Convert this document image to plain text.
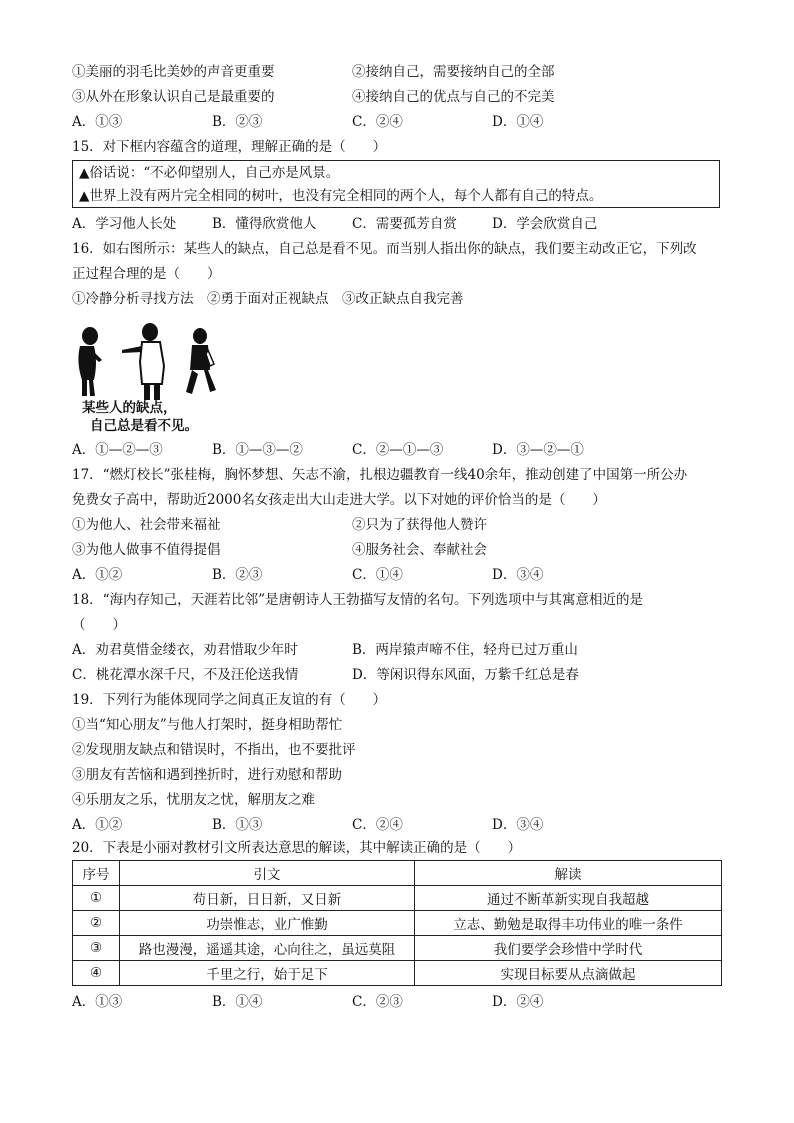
①美丽的羽毛比美妙的声音更重要	②接纳自己，需要接纳自己的全部
③从外在形象认识自己是最重要的	④接纳自己的优点与自己的不完美
A．①③	B．②③	C．②④	D．①④
15．对下框内容蕴含的道理，理解正确的是（　　）
▲俗话说：“不必仰望别人，自己亦是风景。
▲世界上没有两片完全相同的树叶，也没有完全相同的两个人，每个人都有自己的特点。
A．学习他人长处	B．懂得欣赏他人	C．需要孤芳自赏	D．学会欣赏自己
16．如右图所示：某些人的缺点，自己总是看不见。而当别人指出你的缺点，我们要主动改正它，下列改
正过程合理的是（　　）
①冷静分析寻找方法　②勇于面对正视缺点　③改正缺点自我完善
某些人的缺点，
自己总是看不见。
A．①—②—③	B．①—③—②	C．②—①—③	D．③—②—①
17．“燃灯校长”张桂梅，胸怀梦想、矢志不渝，扎根边疆教育一线40余年，推动创建了中国第一所公办
免费女子高中，帮助近2000名女孩走出大山走进大学。以下对她的评价恰当的是（　　）
①为他人、社会带来福祉	②只为了获得他人赞许
③为他人做事不值得提倡	④服务社会、奉献社会
A．①②	B．②③	C．①④	D．③④
18．“海内存知己，天涯若比邻”是唐朝诗人王勃描写友情的名句。下列选项中与其寓意相近的是
（　　）
A．劝君莫惜金缕衣，劝君惜取少年时	B．两岸猿声啼不住，轻舟已过万重山
C．桃花潭水深千尺，不及汪伦送我情	D．等闲识得东风面，万紫千红总是春
19．下列行为能体现同学之间真正友谊的有（　　）
①当“知心朋友”与他人打架时，挺身相助帮忙
②发现朋友缺点和错误时，不指出，也不要批评
③朋友有苦恼和遇到挫折时，进行劝慰和帮助
④乐朋友之乐，忧朋友之忧，解朋友之难
A．①②	B．①③	C．②④	D．③④
20．下表是小丽对教材引文所表达意思的解读，其中解读正确的是（　　）
序号	引文	解读
①	苟日新，日日新，又日新	通过不断革新实现自我超越
②	功崇惟志，业广惟勤	立志、勤勉是取得丰功伟业的唯一条件
③	路也漫漫，遥遥其途，心向往之，虽远莫阻	我们要学会珍惜中学时代
④	千里之行，始于足下	实现目标要从点滴做起
A．①③	B．①④	C．②③	D．②④
